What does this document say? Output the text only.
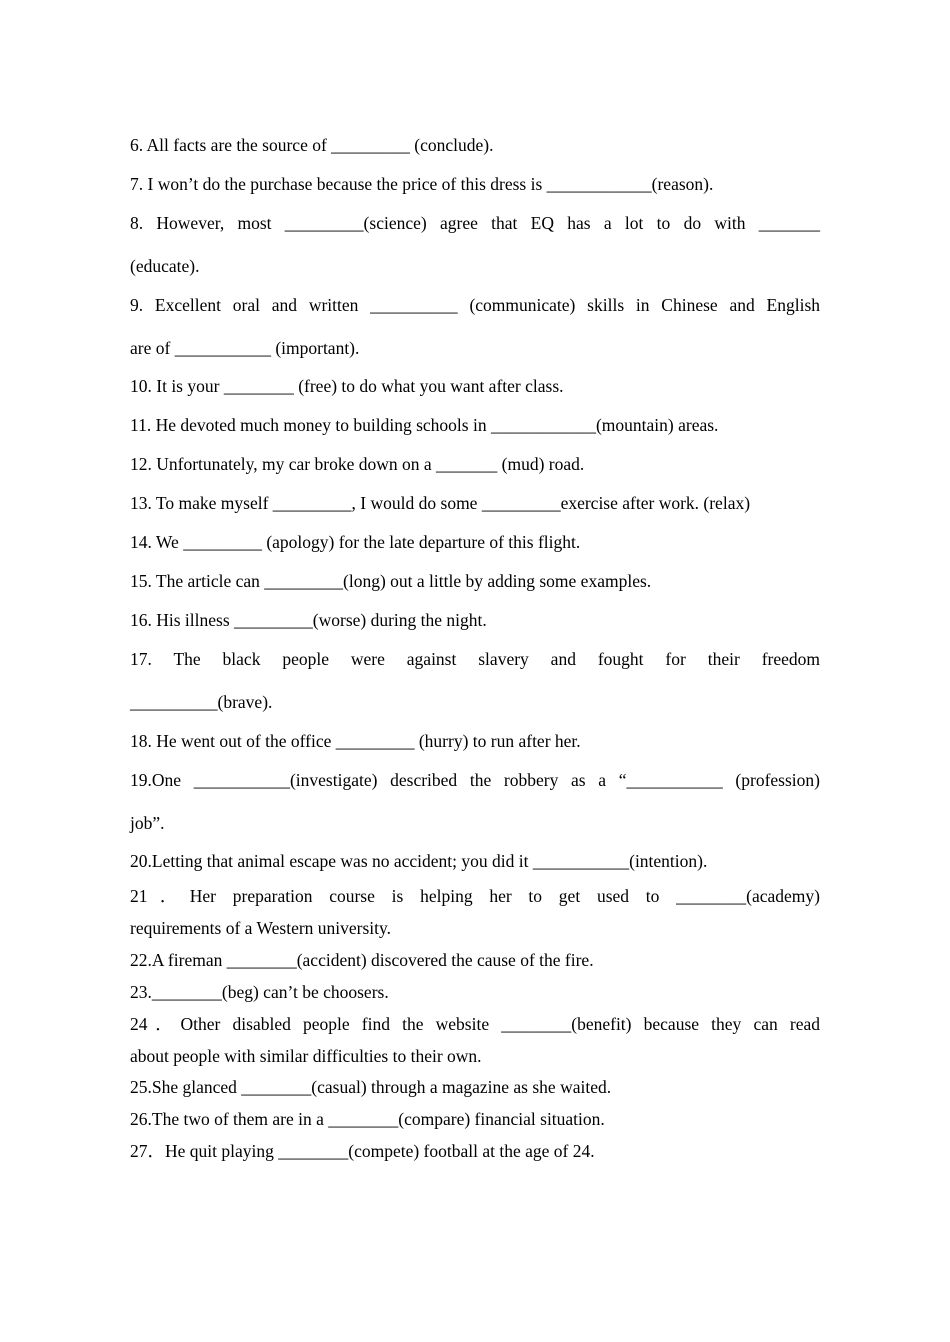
6. All facts are the source of _________ (conclude).
7. I won’t do the purchase because the price of this dress is ____________(reason).
8. However, most _________(science) agree that EQ has a lot to do with _______
(educate).
9. Excellent oral and written __________ (communicate) skills in Chinese and English
are of ___________ (important).
10. It is your ________ (free) to do what you want after class.
11. He devoted much money to building schools in ____________(mountain) areas.
12. Unfortunately, my car broke down on a _______ (mud) road.
13. To make myself _________, I would do some _________exercise after work. (relax)
14. We _________ (apology) for the late departure of this flight.
15. The article can _________(long) out a little by adding some examples.
16. His illness _________(worse) during the night.
17. The black people were against slavery and fought for their freedom
__________(brave).
18. He went out of the office _________ (hurry) to run after her.
19.One ___________(investigate) described the robbery as a “___________ (profession)
job”.
20.Letting that animal escape was no accident; you did it ___________(intention).
21．Her preparation course is helping her to get used to ________(academy)
requirements of a Western university.
22.A fireman ________(accident) discovered the cause of the fire.
23.________(beg) can’t be choosers.
24．Other disabled people find the website ________(benefit) because they can read
about people with similar difficulties to their own.
25.She glanced ________(casual) through a magazine as she waited.
26.The two of them are in a ________(compare) financial situation.
27．He quit playing ________(compete) football at the age of 24.
